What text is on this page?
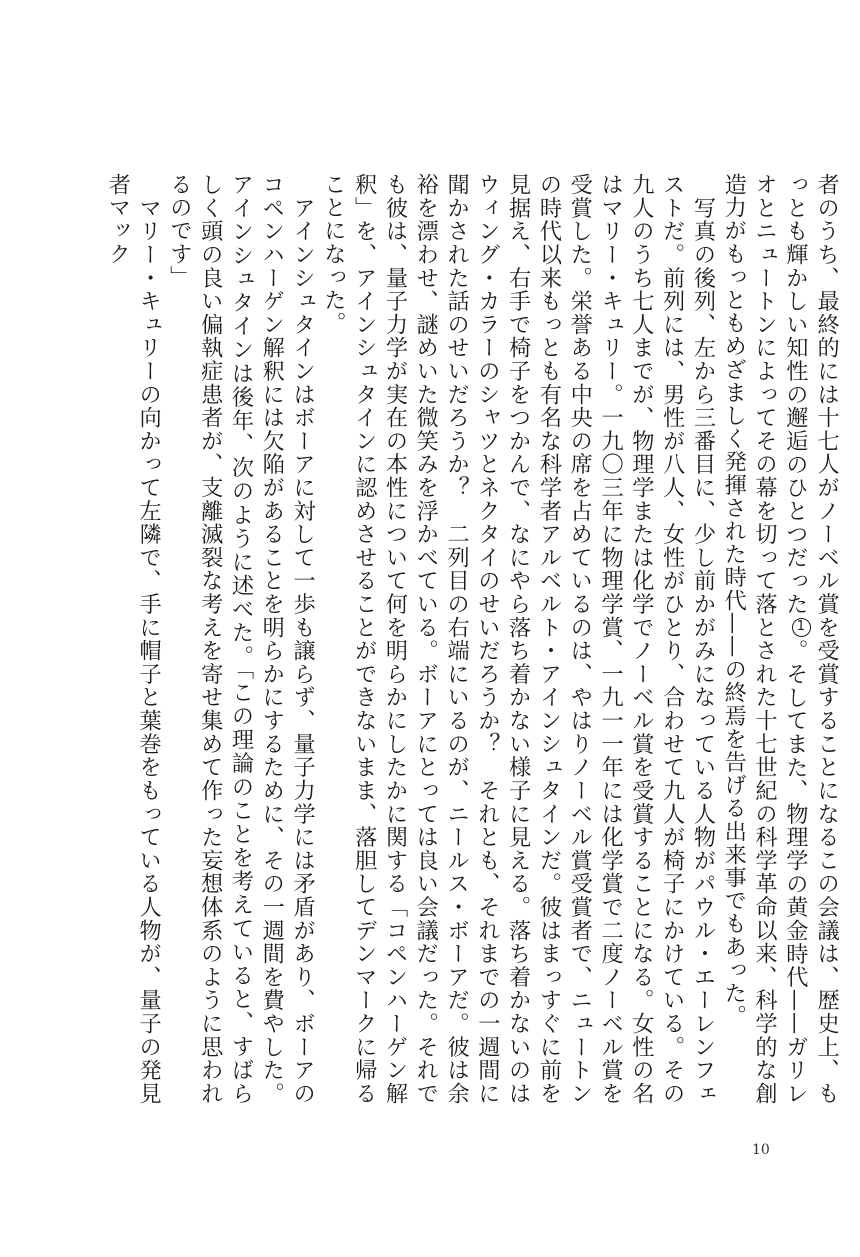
者のうち、最終的には十七人がノーベル賞を受賞することになるこの会議は、歴史上、もっとも輝かしい知性の邂逅のひとつだった1。そしてまた、物理学の黄金時代——ガリレオとニュートンによってその幕を切って落とされた十七世紀の科学革命以来、科学的な創造力がもっともめざましく発揮された時代——の終焉を告げる出来事でもあった。

　写真の後列、左から三番目に、少し前かがみになっている人物がパウル・エーレンフェストだ。前列には、男性が八人、女性がひとり、合わせて九人が椅子にかけている。その九人のうち七人までが、物理学または化学でノーベル賞を受賞することになる。女性の名はマリー・キュリー。一九〇三年に物理学賞、一九一一年には化学賞で二度ノーベル賞を受賞した。栄誉ある中央の席を占めているのは、やはりノーベル賞受賞者で、ニュートンの時代以来もっとも有名な科学者アルベルト・アインシュタインだ。彼はまっすぐに前を見据え、右手で椅子をつかんで、なにやら落ち着かない様子に見える。落ち着かないのはウィング・カラーのシャツとネクタイのせいだろうか？　それとも、それまでの一週間に聞かされた話のせいだろうか？　二列目の右端にいるのが、ニールス・ボーアだ。彼は余裕を漂わせ、謎めいた微笑みを浮かべている。ボーアにとっては良い会議だった。それでも彼は、量子力学が実在の本性について何を明らかにしたかに関する「コペンハーゲン解釈」を、アインシュタインに認めさせることができないまま、落胆してデンマークに帰ることになった。

　アインシュタインはボーアに対して一歩も譲らず、量子力学には矛盾があり、ボーアのコペンハーゲン解釈には欠陥があることを明らかにするために、その一週間を費やした。アインシュタインは後年、次のように述べた。「この理論のことを考えていると、すばらしく頭の良い偏執症患者が、支離滅裂な考えを寄せ集めて作った妄想体系のように思われるのです」

　マリー・キュリーの向かって左隣で、手に帽子と葉巻をもっている人物が、量子の発見者マック

10
